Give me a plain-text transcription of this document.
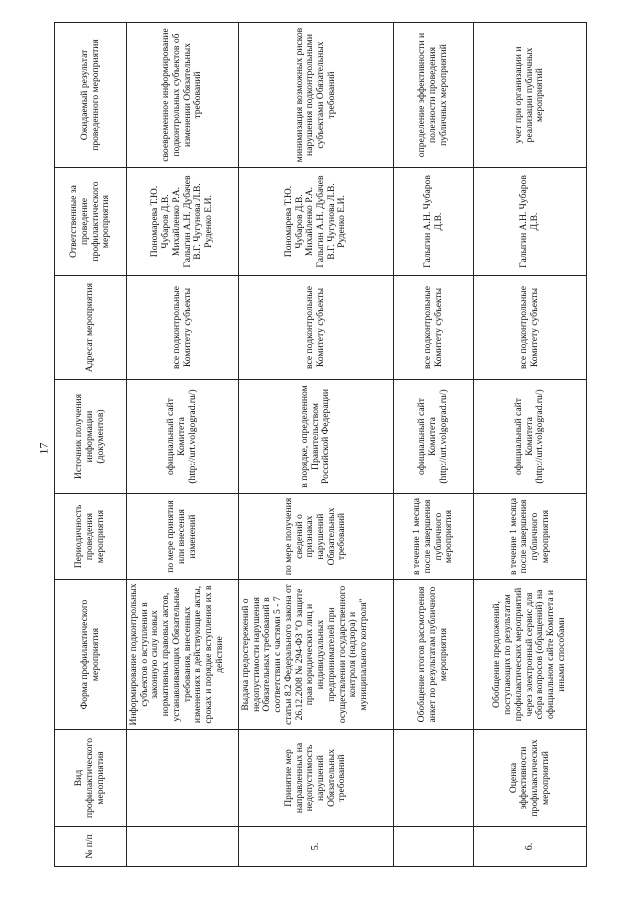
17
№ п/п	Вид профилактического мероприятия	Форма профилактического мероприятия	Периодичность проведения мероприятия	Источник получения информации (документов)	Адресат мероприятия	Ответственные за проведение профилактического мероприятия	Ожидаемый результат проведенного мероприятия
		Информирование подконтрольных субъектов о вступлении в законную силу новых нормативных правовых актов, устанавливающих Обязательные требования, внесенных изменениях в действующие акты, сроках и порядке вступления их в действие	по мере принятия или внесения изменений	официальный сайт Комитета (http://urt.volgograd.ru/)	все подконтрольные Комитету субъекты	Пономарева Т.Ю. Чубаров Д.В. Михайленко Р.А. Галыгин А.Н. Дубачев В.Г. Чугунова Л.В. Руденко Е.И.	своевременное информирование подконтрольных субъектов об изменении Обязательных требований
5.	Принятие мер направленных на недопустимость нарушений Обязательных требований	Выдача предостережений о недопустимости нарушения Обязательных требований в соответствии с частями 5 - 7 статьи 8.2 Федерального закона от 26.12.2008 № 294-ФЗ "О защите прав юридических лиц и индивидуальных предпринимателей при осуществлении государственного контроля (надзора) и муниципального контроля"	по мере получения сведений о признаках нарушений Обязательных требований	в порядке, определенном Правительством Российской Федерации	все подконтрольные Комитету субъекты	Пономарева Т.Ю. Чубаров Д.В. Михайленко Р.А. Галыгин А.Н. Дубачев В.Г. Чугунова Л.В. Руденко Е.И.	минимизация возможных рисков нарушения подконтрольными субъектами Обязательных требований
		Обобщение итогов рассмотрения анкет по результатам публичного мероприятия	в течение 1 месяца после завершения публичного мероприятия	официальный сайт Комитета (http://urt.volgograd.ru/)	все подконтрольные Комитету субъекты	Галыгин А.Н. Чубаров Д.В.	определение эффективности и полезности проведения публичных мероприятий
6.	Оценка эффективности профилактических мероприятий	Обобщение предложений, поступающих по результатам профилактических мероприятий через электронный сервис для сбора вопросов (обращений) на официальном сайте Комитета и иными способами	в течение 1 месяца после завершения публичного мероприятия	официальный сайт Комитета (http://urt.volgograd.ru/)	все подконтрольные Комитету субъекты	Галыгин А.Н. Чубаров Д.В.	учет при организации и реализации публичных мероприятий
